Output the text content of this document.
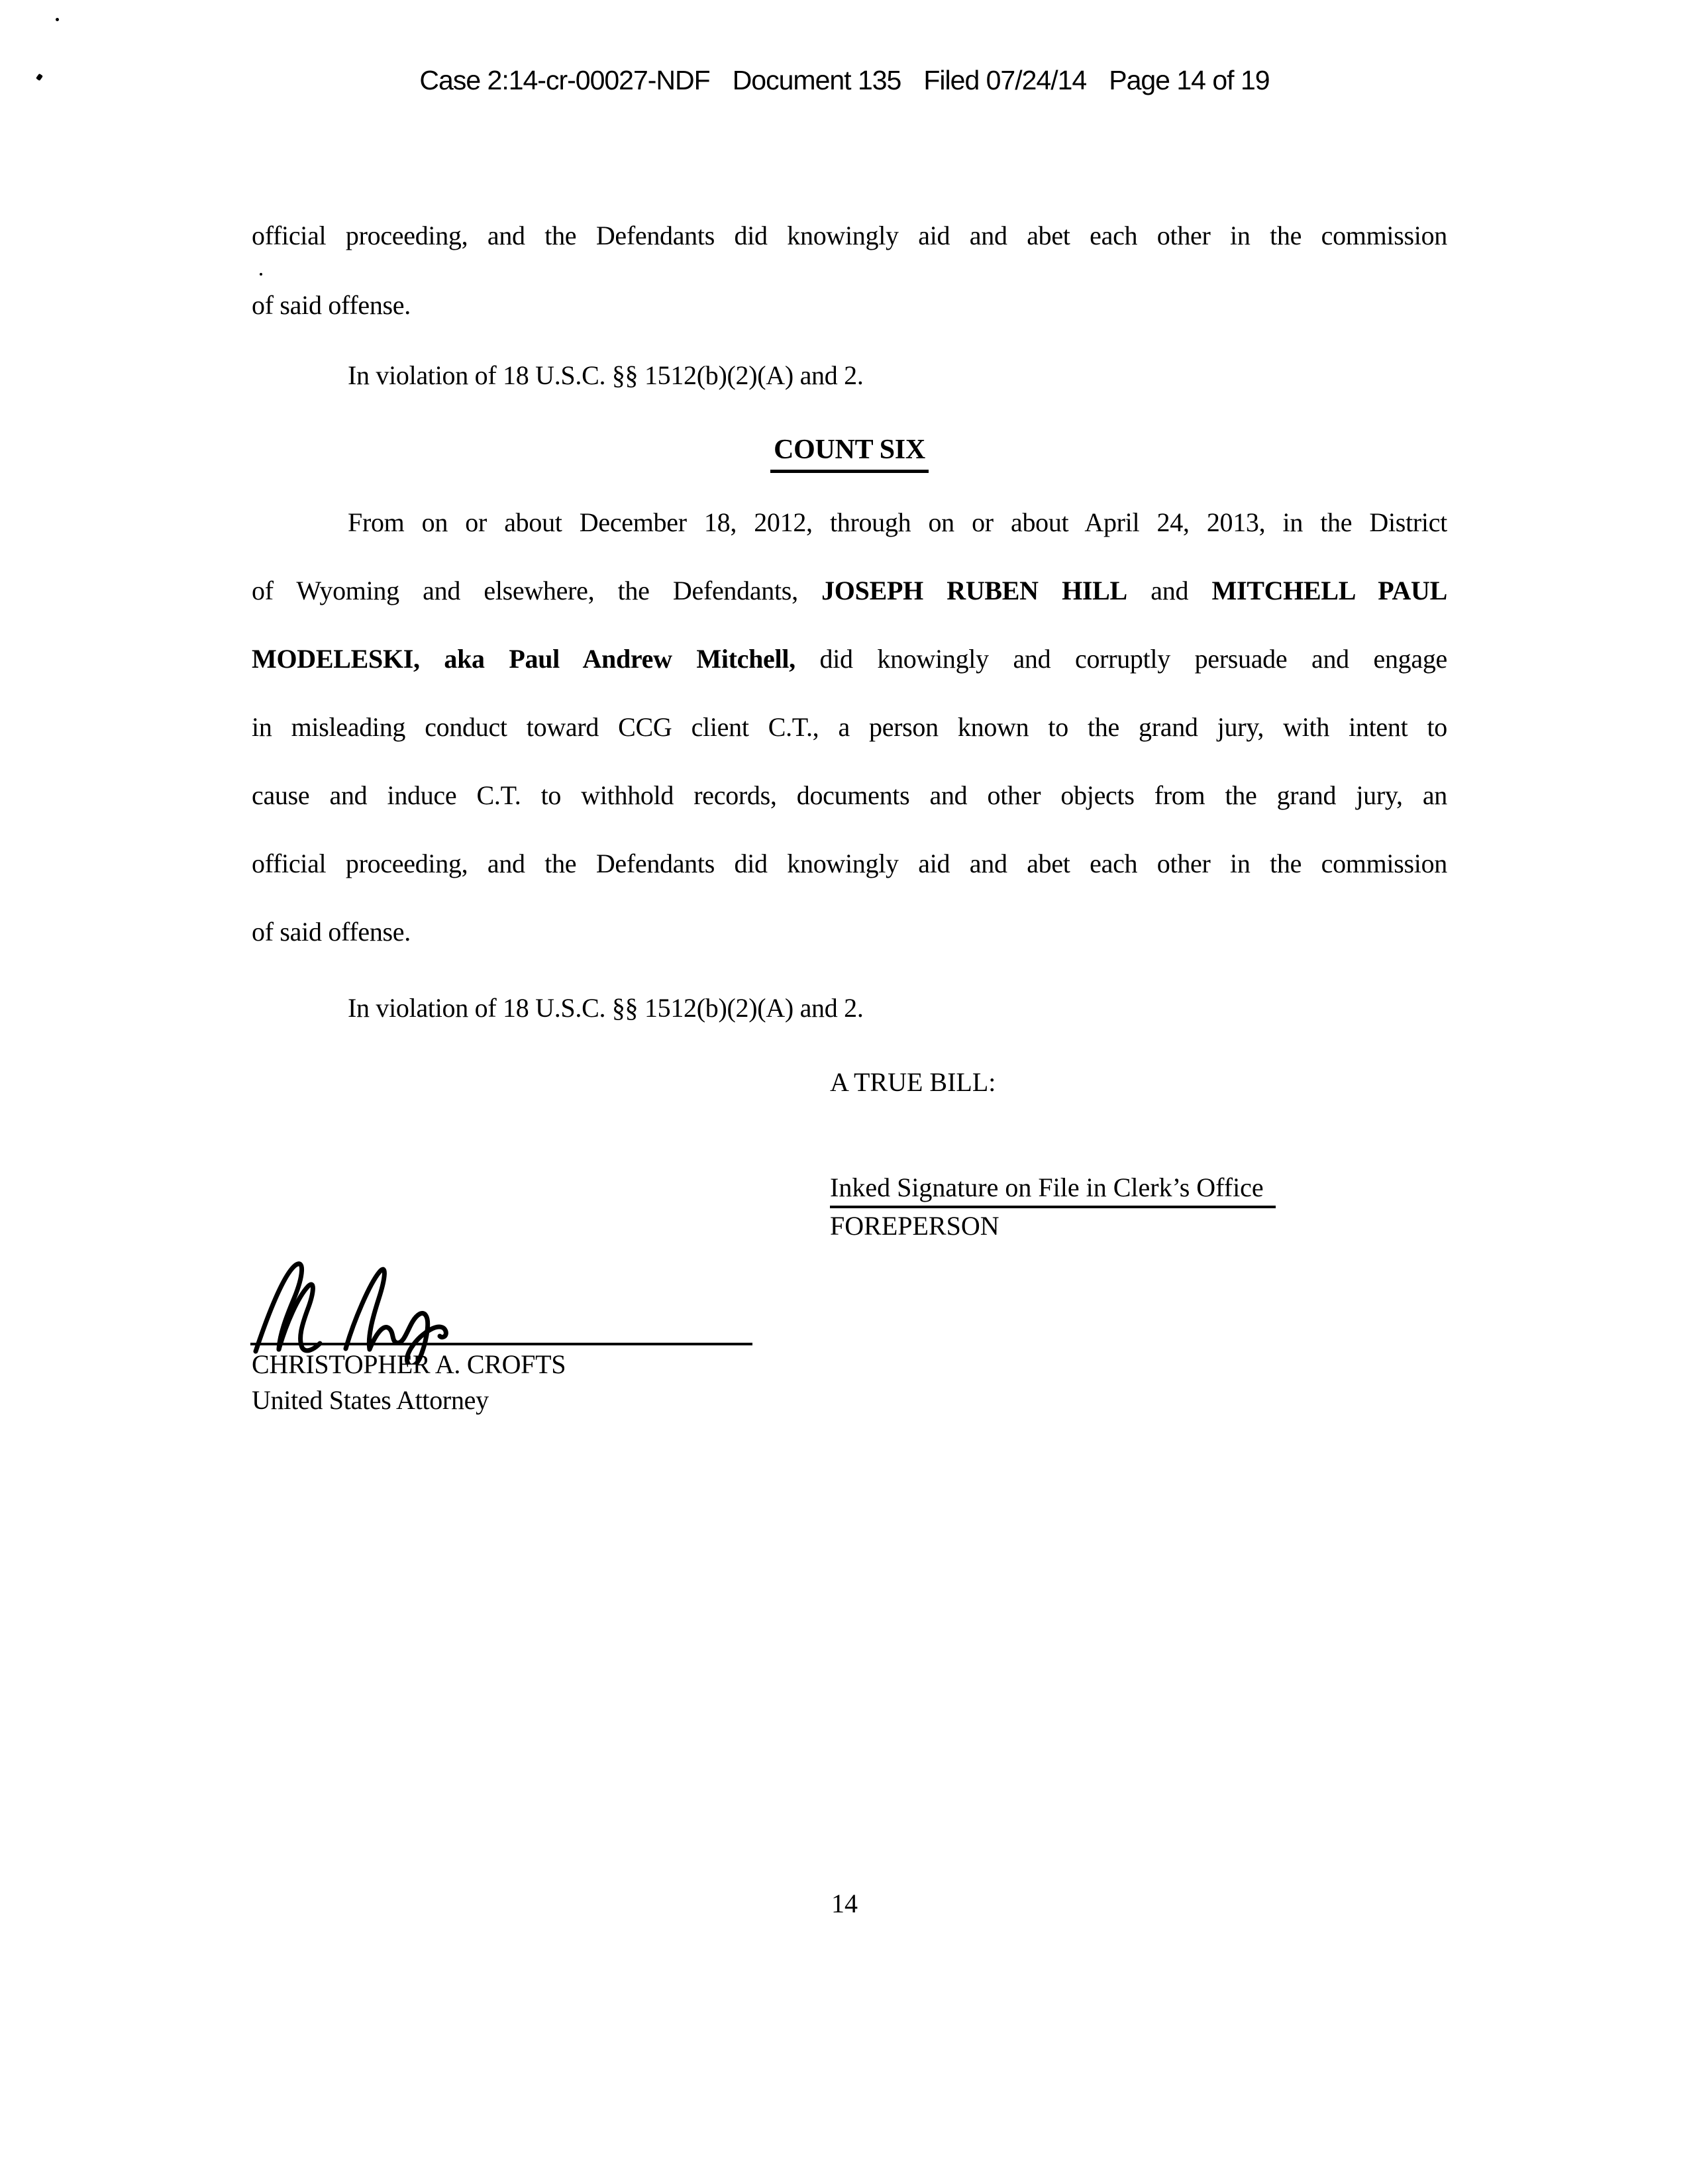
Case 2:14-cr-00027-NDF Document 135 Filed 07/24/14 Page 14 of 19
official proceeding, and the Defendants did knowingly aid and abet each other in the commission
of said offense.
In violation of 18 U.S.C. §§ 1512(b)(2)(A) and 2.
COUNT SIX
From on or about December 18, 2012, through on or about April 24, 2013, in the District
of Wyoming and elsewhere, the Defendants, JOSEPH RUBEN HILL and MITCHELL PAUL
MODELESKI, aka Paul Andrew Mitchell, did knowingly and corruptly persuade and engage
in misleading conduct toward CCG client C.T., a person known to the grand jury, with intent to
cause and induce C.T. to withhold records, documents and other objects from the grand jury, an
official proceeding, and the Defendants did knowingly aid and abet each other in the commission
of said offense.
In violation of 18 U.S.C. §§ 1512(b)(2)(A) and 2.
A TRUE BILL:
Inked Signature on File in Clerk’s Office
FOREPERSON
CHRISTOPHER A. CROFTS
United States Attorney
14
